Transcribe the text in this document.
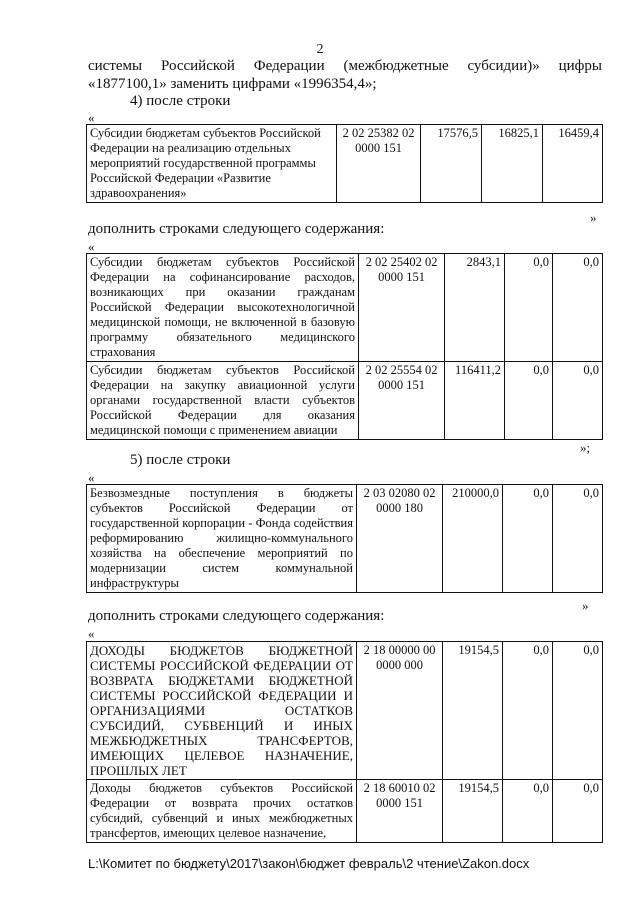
2
системы Российской Федерации (межбюджетные субсидии)» цифры
«1877100,1» заменить цифрами «1996354,4»;
4) после строки
«
Субсидии бюджетам субъектов Российской Федерации на реализацию отдельных мероприятий государственной программы Российской Федерации «Развитие здравоохранения»	2 02 25382 02 0000 151	17576,5	16825,1	16459,4
»
дополнить строками следующего содержания:
«
Субсидии бюджетам субъектов Российской Федерации на софинансирование расходов, возникающих при оказании гражданам Российской Федерации высокотехнологичной медицинской помощи, не включенной в базовую программу обязательного медицинского страхования	2 02 25402 02 0000 151	2843,1	0,0	0,0
Субсидии бюджетам субъектов Российской Федерации на закупку авиационной услуги органами государственной власти субъектов Российской Федерации для оказания медицинской помощи с применением авиации	2 02 25554 02 0000 151	116411,2	0,0	0,0
»;
5) после строки
«
Безвозмездные поступления в бюджеты субъектов Российской Федерации от государственной корпорации - Фонда содействия реформированию жилищно-коммунального хозяйства на обеспечение мероприятий по модернизации систем коммунальной инфраструктуры	2 03 02080 02 0000 180	210000,0	0,0	0,0
»
дополнить строками следующего содержания:
«
ДОХОДЫ БЮДЖЕТОВ БЮДЖЕТНОЙ СИСТЕМЫ РОССИЙСКОЙ ФЕДЕРАЦИИ ОТ ВОЗВРАТА БЮДЖЕТАМИ БЮДЖЕТНОЙ СИСТЕМЫ РОССИЙСКОЙ ФЕДЕРАЦИИ И ОРГАНИЗАЦИЯМИ ОСТАТКОВ СУБСИДИЙ, СУБВЕНЦИЙ И ИНЫХ МЕЖБЮДЖЕТНЫХ ТРАНСФЕРТОВ, ИМЕЮЩИХ ЦЕЛЕВОЕ НАЗНАЧЕНИЕ, ПРОШЛЫХ ЛЕТ	2 18 00000 00 0000 000	19154,5	0,0	0,0
Доходы бюджетов субъектов Российской Федерации от возврата прочих остатков субсидий, субвенций и иных межбюджетных трансфертов, имеющих целевое назначение,	2 18 60010 02 0000 151	19154,5	0,0	0,0
L:\Комитет по бюджету\2017\закон\бюджет февраль\2 чтение\Zakon.docx
